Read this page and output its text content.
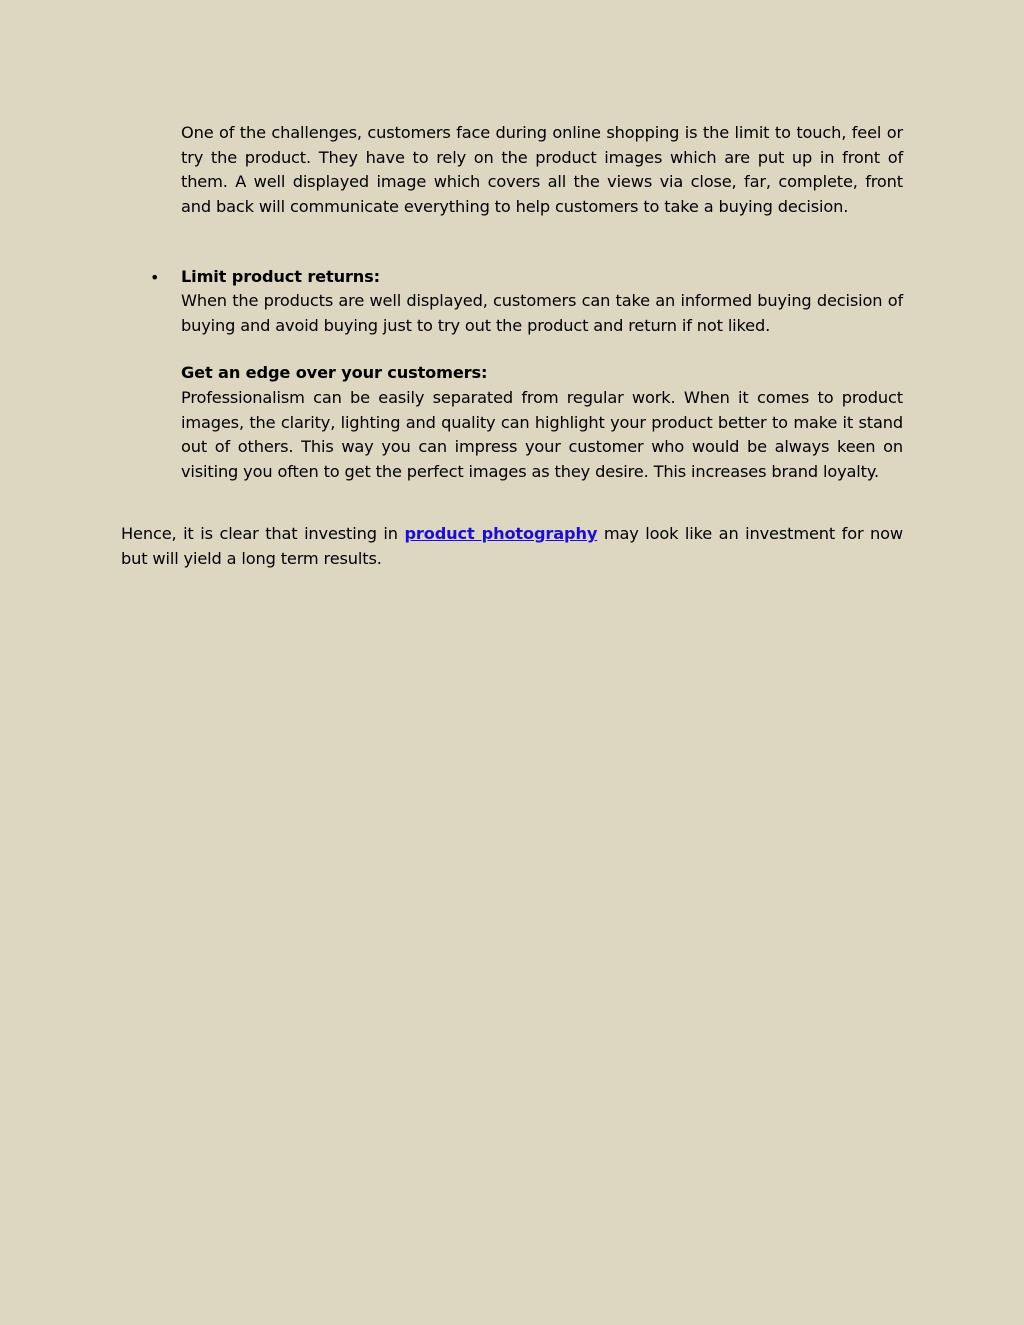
One of the challenges, customers face during online shopping is the limit to touch, feel or try the product. They have to rely on the product images which are put up in front of them. A well displayed image which covers all the views via close, far, complete, front and back will communicate everything to help customers to take a buying decision.

• Limit product returns:

When the products are well displayed, customers can take an informed buying decision of buying and avoid buying just to try out the product and return if not liked.

Get an edge over your customers:

Professionalism can be easily separated from regular work. When it comes to product images, the clarity, lighting and quality can highlight your product better to make it stand out of others. This way you can impress your customer who would be always keen on visiting you often to get the perfect images as they desire. This increases brand loyalty.

Hence, it is clear that investing in product photography may look like an investment for now but will yield a long term results.
